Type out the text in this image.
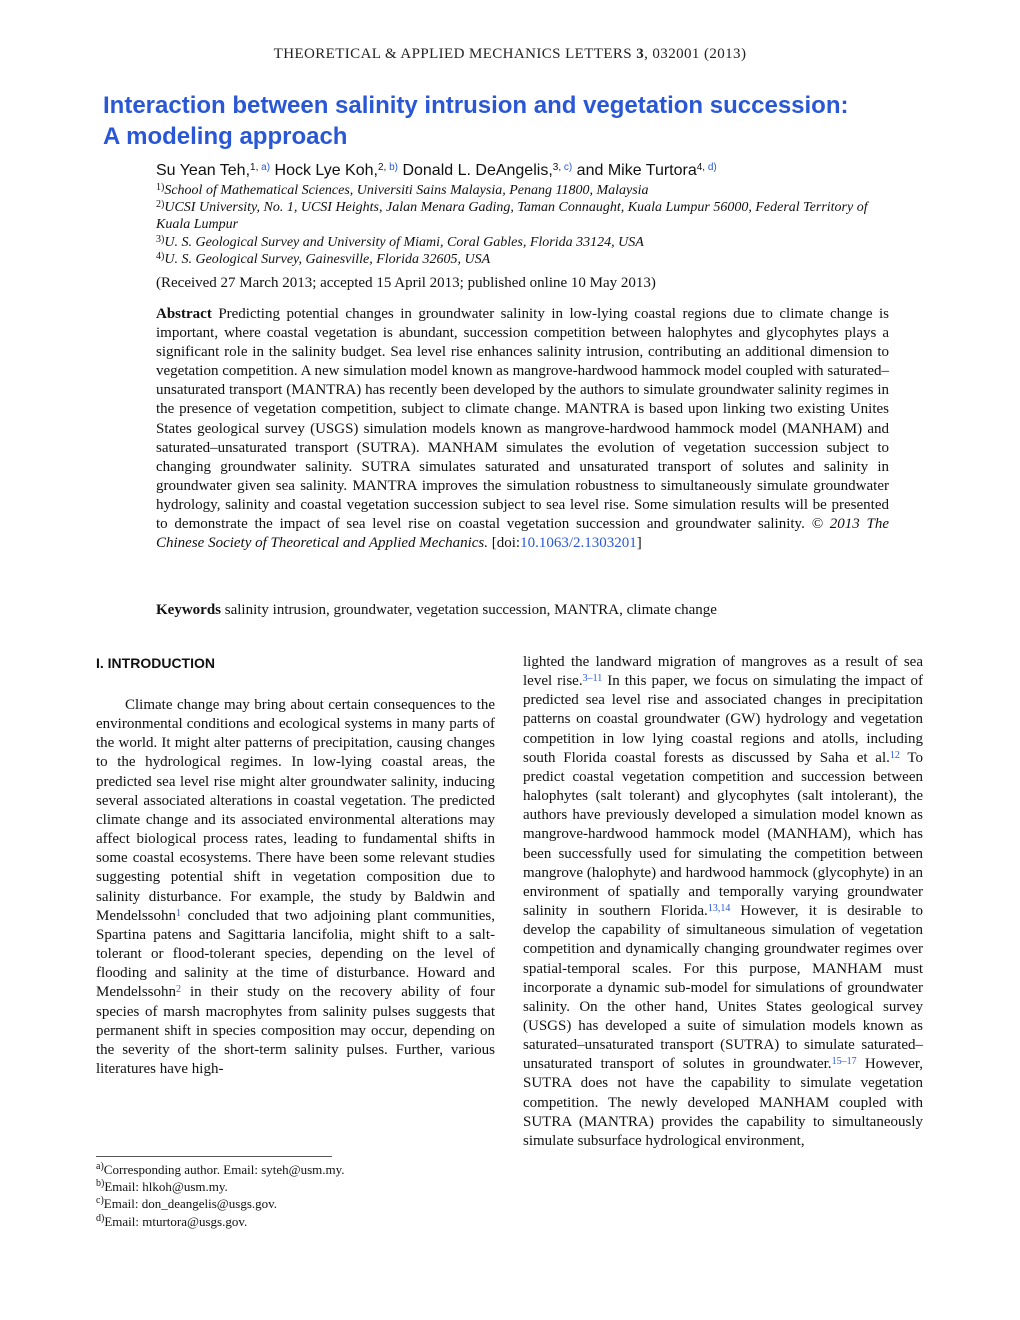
THEORETICAL & APPLIED MECHANICS LETTERS 3, 032001 (2013)
Interaction between salinity intrusion and vegetation succession:
A modeling approach
Su Yean Teh,$^{1, a)}$ Hock Lye Koh,$^{2, b)}$ Donald L. DeAngelis,$^{3, c)}$ and Mike Turtora$^{4, d)}$
$^{1)}$School of Mathematical Sciences, Universiti Sains Malaysia, Penang 11800, Malaysia
$^{2)}$UCSI University, No. 1, UCSI Heights, Jalan Menara Gading, Taman Connaught, Kuala Lumpur 56000, Federal Territory of Kuala Lumpur
$^{3)}$U. S. Geological Survey and University of Miami, Coral Gables, Florida 33124, USA
$^{4)}$U. S. Geological Survey, Gainesville, Florida 32605, USA
(Received 27 March 2013; accepted 15 April 2013; published online 10 May 2013)
Abstract Predicting potential changes in groundwater salinity in low-lying coastal regions due to climate change is important, where coastal vegetation is abundant, succession competition between halophytes and glycophytes plays a significant role in the salinity budget. Sea level rise enhances salinity intrusion, contributing an additional dimension to vegetation competition. A new simulation model known as mangrove-hardwood hammock model coupled with saturated–unsaturated transport (MANTRA) has recently been developed by the authors to simulate groundwater salinity regimes in the presence of vegetation competition, subject to climate change. MANTRA is based upon linking two existing Unites States geological survey (USGS) simulation models known as mangrove-hardwood hammock model (MANHAM) and saturated–unsaturated transport (SUTRA). MANHAM simulates the evolution of vegetation succession subject to changing groundwater salinity. SUTRA simulates saturated and unsaturated transport of solutes and salinity in groundwater given sea salinity. MANTRA improves the simulation robustness to simultaneously simulate groundwater hydrology, salinity and coastal vegetation succession subject to sea level rise. Some simulation results will be presented to demonstrate the impact of sea level rise on coastal vegetation succession and groundwater salinity. © 2013 The Chinese Society of Theoretical and Applied Mechanics. [doi:10.1063/2.1303201]
Keywords salinity intrusion, groundwater, vegetation succession, MANTRA, climate change
I. INTRODUCTION
Climate change may bring about certain consequences to the environmental conditions and ecological systems in many parts of the world. It might alter patterns of precipitation, causing changes to the hydrological regimes. In low-lying coastal areas, the predicted sea level rise might alter groundwater salinity, inducing several associated alterations in coastal vegetation. The predicted climate change and its associated environmental alterations may affect biological process rates, leading to fundamental shifts in some coastal ecosystems. There have been some relevant studies suggesting potential shift in vegetation composition due to salinity disturbance. For example, the study by Baldwin and Mendelssohn$^1$ concluded that two adjoining plant communities, Spartina patens and Sagittaria lancifolia, might shift to a salt-tolerant or flood-tolerant species, depending on the level of flooding and salinity at the time of disturbance. Howard and Mendelssohn$^2$ in their study on the recovery ability of four species of marsh macrophytes from salinity pulses suggests that permanent shift in species composition may occur, depending on the severity of the short-term salinity pulses. Further, various literatures have high-
lighted the landward migration of mangroves as a result of sea level rise.$^{3-11}$ In this paper, we focus on simulating the impact of predicted sea level rise and associated changes in precipitation patterns on coastal groundwater (GW) hydrology and vegetation competition in low lying coastal regions and atolls, including south Florida coastal forests as discussed by Saha et al.$^{12}$ To predict coastal vegetation competition and succession between halophytes (salt tolerant) and glycophytes (salt intolerant), the authors have previously developed a simulation model known as mangrove-hardwood hammock model (MANHAM), which has been successfully used for simulating the competition between mangrove (halophyte) and hardwood hammock (glycophyte) in an environment of spatially and temporally varying groundwater salinity in southern Florida.$^{13,14}$ However, it is desirable to develop the capability of simultaneous simulation of vegetation competition and dynamically changing groundwater regimes over spatial-temporal scales. For this purpose, MANHAM must incorporate a dynamic sub-model for simulations of groundwater salinity. On the other hand, Unites States geological survey (USGS) has developed a suite of simulation models known as saturated–unsaturated transport (SUTRA) to simulate saturated–unsaturated transport of solutes in groundwater.$^{15-17}$ However, SUTRA does not have the capability to simulate vegetation competition. The newly developed MANHAM coupled with SUTRA (MANTRA) provides the capability to simultaneously simulate subsurface hydrological environment,
$^{a)}$Corresponding author. Email: syteh@usm.my.
$^{b)}$Email: hlkoh@usm.my.
$^{c)}$Email: don_deangelis@usgs.gov.
$^{d)}$Email: mturtora@usgs.gov.
